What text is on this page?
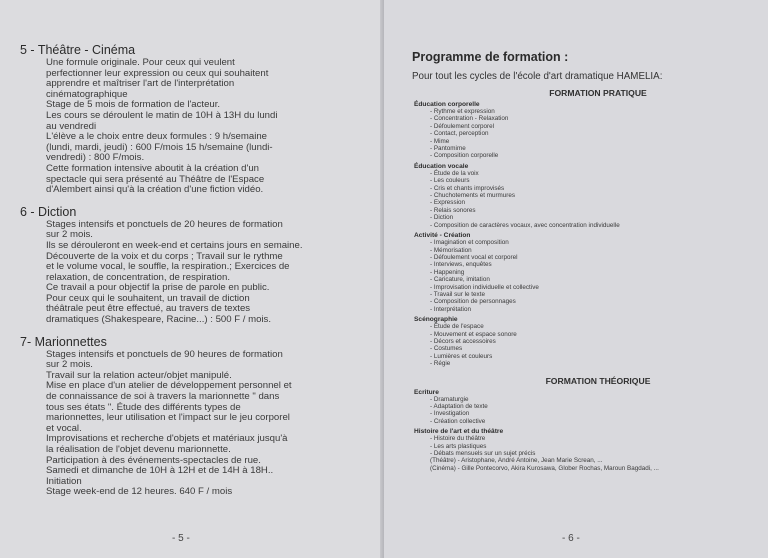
5 - Théâtre - Cinéma

Une formule originale. Pour ceux qui veulent

perfectionner leur expression ou ceux qui souhaitent

apprendre et maîtriser l'art de l'interprétation

cinématographique

Stage de 5 mois de formation de l'acteur.

Les cours se déroulent le matin de 10H à 13H du lundi

au vendredi

L'élève a le choix entre deux formules : 9 h/semaine

(lundi, mardi, jeudi) : 600 F/mois 15 h/semaine (lundi-

vendredi) : 800 F/mois.

Cette formation intensive aboutit à la création d'un

spectacle qui sera présenté au Théâtre de l'Espace

d'Alembert ainsi qu'à la création d'une fiction vidéo.

6 - Diction

Stages intensifs et ponctuels de 20 heures de formation

sur 2 mois.

Ils se dérouleront en week-end et certains jours en semaine.

Découverte de la voix et du corps ; Travail sur le rythme

et le volume vocal, le souffle, la respiration.; Exercices de

relaxation, de concentration, de respiration.

Ce travail a pour objectif la prise de parole en public.

Pour ceux qui le souhaitent, un travail de diction

théâtrale peut être effectué, au travers de textes

dramatiques (Shakespeare, Racine...) : 500 F / mois.

7- Marionnettes

Stages intensifs et ponctuels de 90 heures de formation

sur 2 mois.

Travail sur la relation acteur/objet manipulé.

Mise en place d'un atelier de développement personnel et

de connaissance de soi à travers la marionnette " dans

tous ses états ". Étude des différents types de

marionnettes, leur utilisation et l'impact sur le jeu corporel

et vocal.

Improvisations et recherche d'objets et matériaux jusqu'à

la réalisation de l'objet devenu marionnette.

Participation à des événements-spectacles de rue.

Samedi et dimanche de 10H à 12H et de 14H à 18H..

Initiation

Stage week-end de 12 heures. 640 F / mois

- 5 -
Programme de formation :
Pour tout les cycles de l'école d'art dramatique HAMELIA:
FORMATION PRATIQUE
Éducation corporelle
- Rythme et expression
- Concentration - Relaxation
- Défoulement corporel
- Contact, perception
- Mime
- Pantomime
- Composition corporelle
Éducation vocale
- Étude de la voix
- Les couleurs
- Cris et chants improvisés
- Chuchotements et murmures
- Expression
- Relais sonores
- Diction
- Composition de caractères vocaux, avec concentration individuelle
Activité - Création
- Imagination et composition
- Mémorisation
- Défoulement vocal et corporel
- Interviews, enquêtes
- Happening
- Caricature, imitation
- Improvisation individuelle et collective
- Travail sur le texte
- Composition de personnages
- Interprétation
Scénographie
- Étude de l'espace
- Mouvement et espace sonore
- Décors et accessoires
- Costumes
- Lumières et couleurs
- Régie
FORMATION THÉORIQUE
Ecriture
- Dramaturgie
- Adaptation de texte
- Investigation
- Création collective
Histoire de l'art et du théâtre
- Histoire du théâtre
- Les arts plastiques
- Débats mensuels sur un sujet précis
(Théâtre) - Aristophane, André Antoine, Jean Marie Screan, ...
(Cinéma) - Gille Pontecorvo, Akira Kurosawa, Glober Rochas, Maroun Bagdadi, ...
- 6 -
